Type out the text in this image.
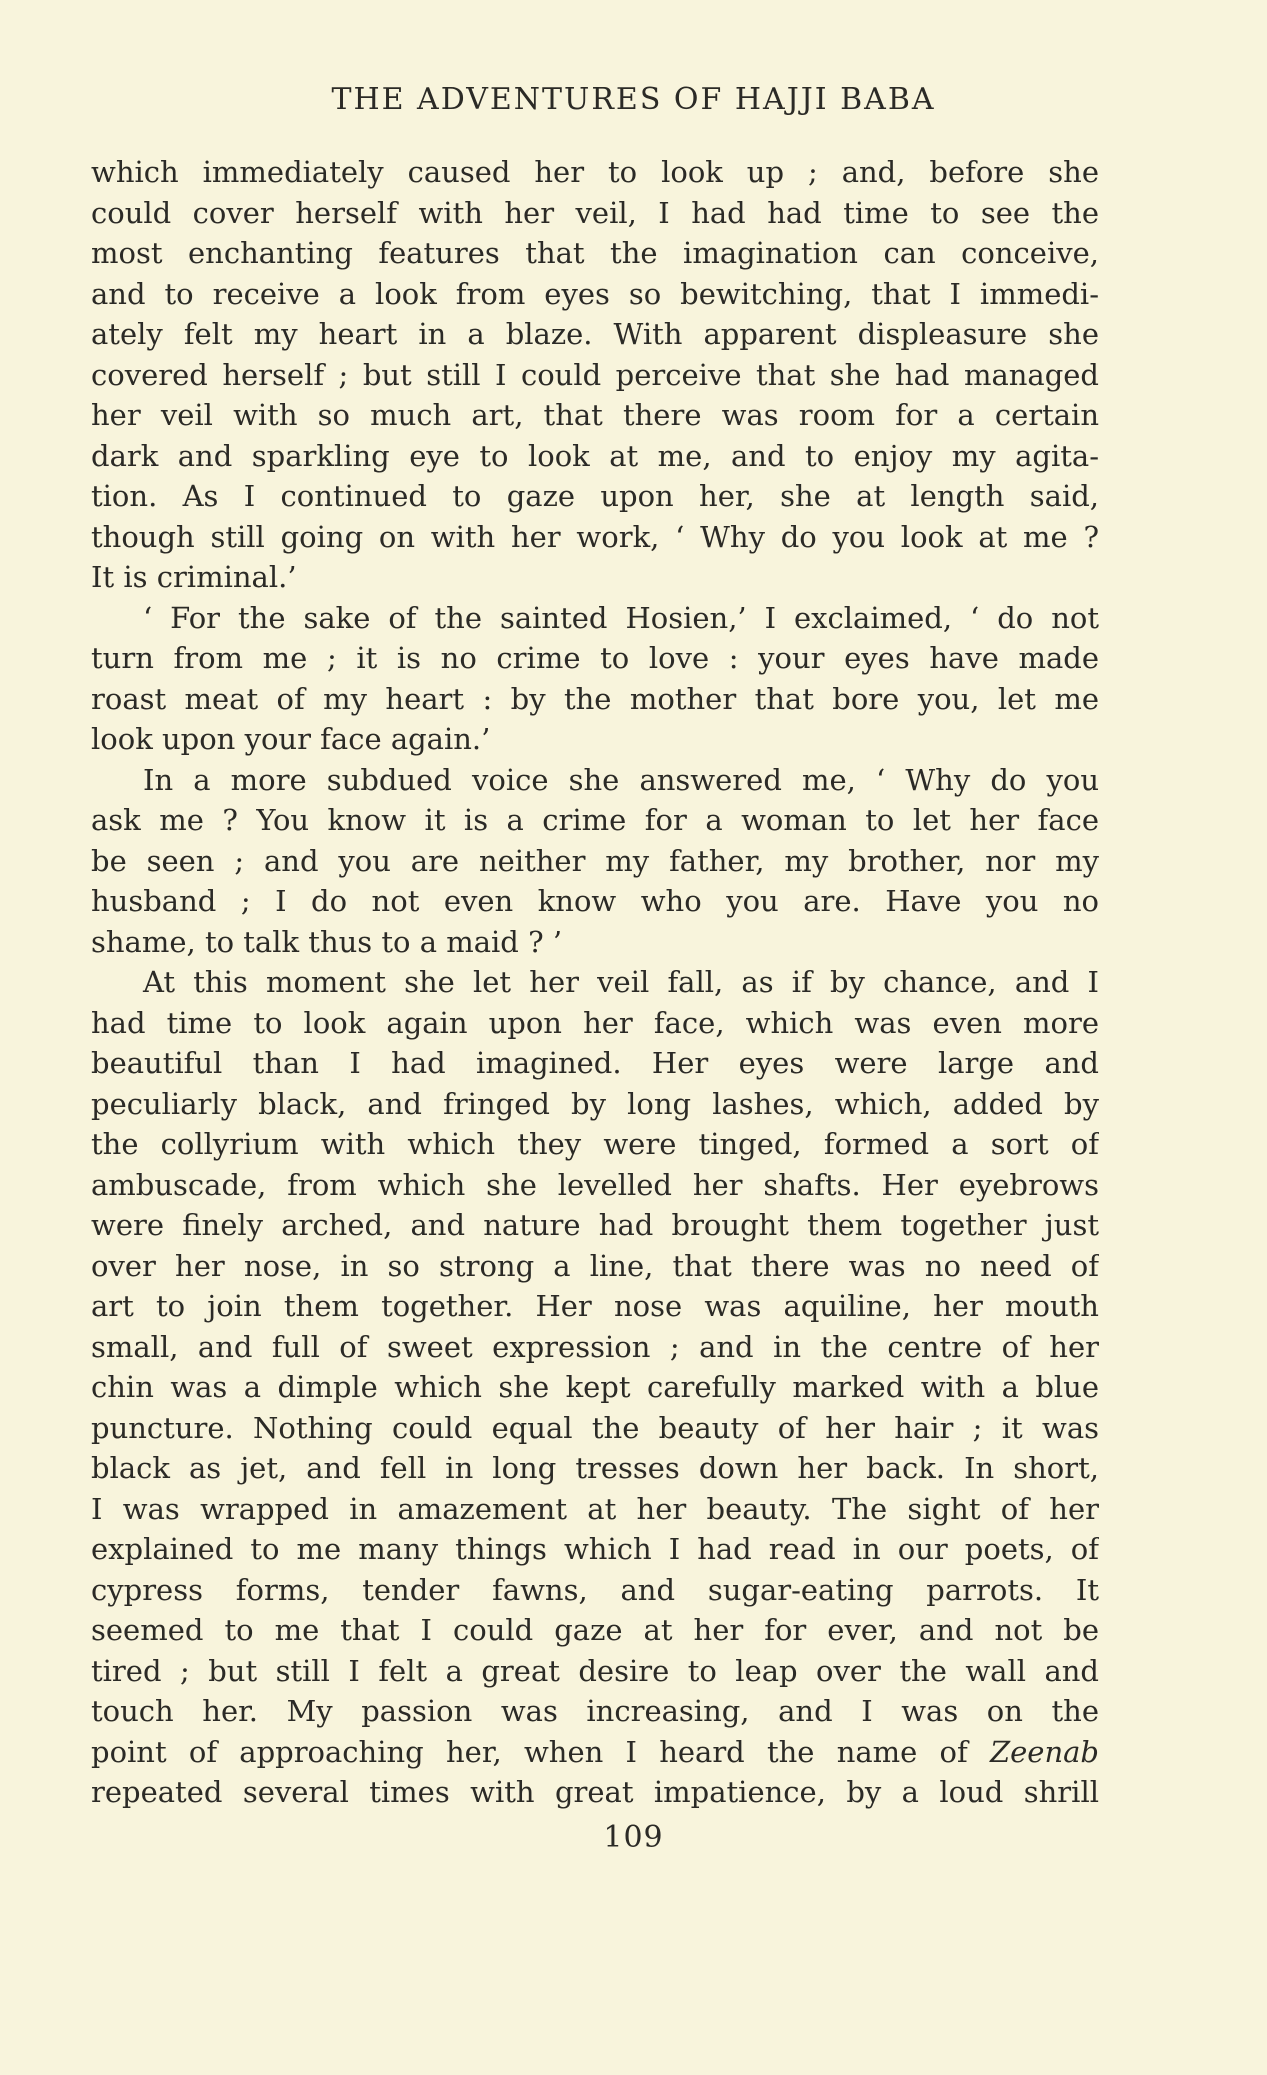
THE ADVENTURES OF HAJJI BABA
which immediately caused her to look up ; and, before she
could cover herself with her veil, I had had time to see the
most enchanting features that the imagination can conceive,
and to receive a look from eyes so bewitching, that I immedi-
ately felt my heart in a blaze. With apparent displeasure she
covered herself ; but still I could perceive that she had managed
her veil with so much art, that there was room for a certain
dark and sparkling eye to look at me, and to enjoy my agita-
tion. As I continued to gaze upon her, she at length said,
though still going on with her work, ‘ Why do you look at me ?
It is criminal.’
‘ For the sake of the sainted Hosien,’ I exclaimed, ‘ do not
turn from me ; it is no crime to love : your eyes have made
roast meat of my heart : by the mother that bore you, let me
look upon your face again.’
In a more subdued voice she answered me, ‘ Why do you
ask me ? You know it is a crime for a woman to let her face
be seen ; and you are neither my father, my brother, nor my
husband ; I do not even know who you are. Have you no
shame, to talk thus to a maid ? ’
At this moment she let her veil fall, as if by chance, and I
had time to look again upon her face, which was even more
beautiful than I had imagined. Her eyes were large and
peculiarly black, and fringed by long lashes, which, added by
the collyrium with which they were tinged, formed a sort of
ambuscade, from which she levelled her shafts. Her eyebrows
were finely arched, and nature had brought them together just
over her nose, in so strong a line, that there was no need of
art to join them together. Her nose was aquiline, her mouth
small, and full of sweet expression ; and in the centre of her
chin was a dimple which she kept carefully marked with a blue
puncture. Nothing could equal the beauty of her hair ; it was
black as jet, and fell in long tresses down her back. In short,
I was wrapped in amazement at her beauty. The sight of her
explained to me many things which I had read in our poets, of
cypress forms, tender fawns, and sugar-eating parrots. It
seemed to me that I could gaze at her for ever, and not be
tired ; but still I felt a great desire to leap over the wall and
touch her. My passion was increasing, and I was on the
point of approaching her, when I heard the name of Zeenab
repeated several times with great impatience, by a loud shrill
109
